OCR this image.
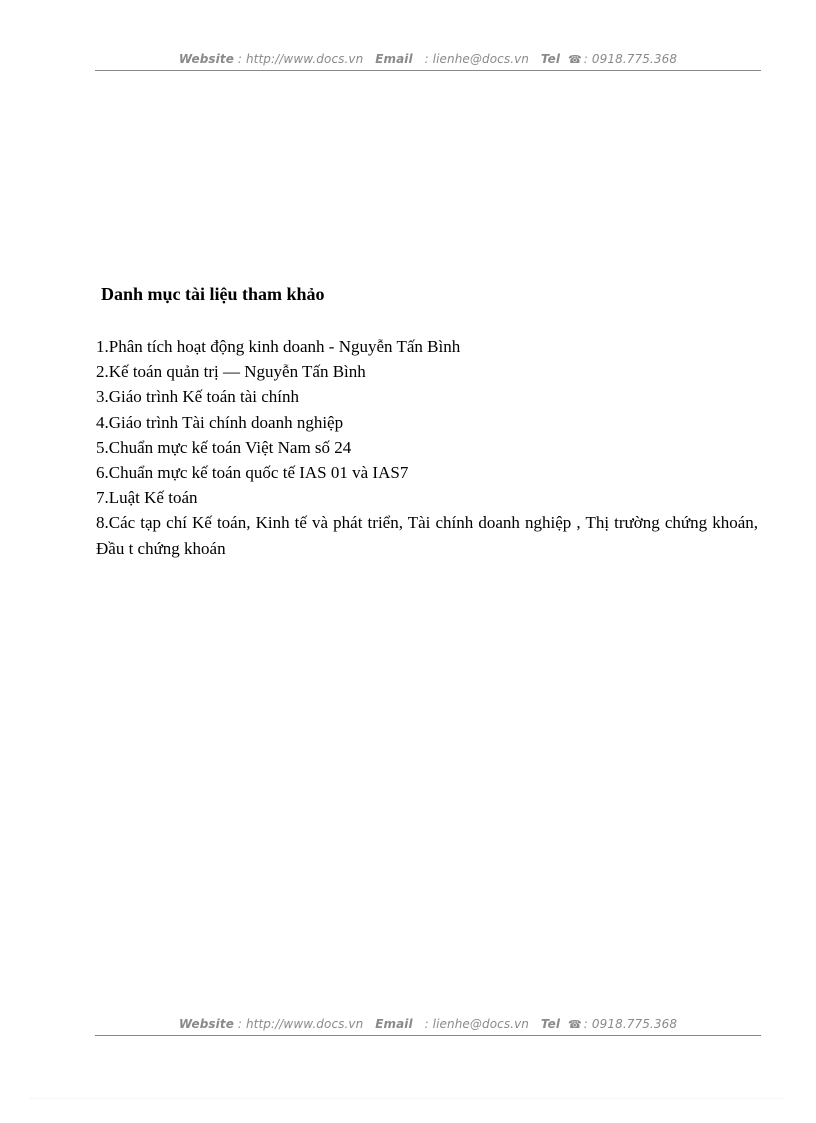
Website : http://www.docs.vn Email : lienhe@docs.vn Tel ☎ : 0918.775.368
Danh mục tài liệu tham khảo
1.Phân tích hoạt động kinh doanh - Nguyễn Tấn Bình
2.Kế toán quản trị — Nguyễn Tấn Bình
3.Giáo trình Kế toán tài chính
4.Giáo trình Tài chính doanh nghiệp
5.Chuẩn mực kế toán Việt Nam số 24
6.Chuẩn mực kế toán quốc tế IAS 01 và IAS7
7.Luật Kế toán
8.Các tạp chí Kế toán, Kinh tế và phát triển, Tài chính doanh nghiệp , Thị trường chứng khoán, Đầu t chứng khoán
Website : http://www.docs.vn Email : lienhe@docs.vn Tel ☎ : 0918.775.368
